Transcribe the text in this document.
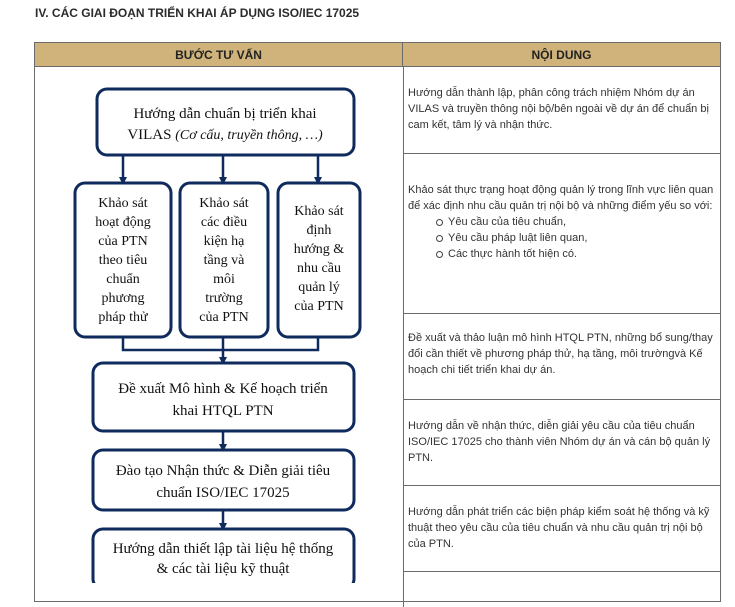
IV. CÁC GIAI ĐOẠN TRIỂN KHAI ÁP DỤNG ISO/IEC 17025
BƯỚC TƯ VẤN	NỘI DUNG
Hướng dẫn thành lập, phân công trách nhiệm Nhóm dự án VILAS và truyền thông nội bộ/bên ngoài về dự án để chuẩn bị cam kết, tâm lý và nhận thức.
Khảo sát thực trạng hoạt động quản lý trong lĩnh vực liên quan để xác định nhu cầu quản trị nội bộ và những điểm yếu so với:
Yêu cầu của tiêu chuẩn,
Yêu cầu pháp luật liên quan,
Các thực hành tốt hiện có.
Đề xuất và thảo luận mô hình HTQL PTN, những bổ sung/thay đổi cần thiết về phương pháp thử, hạ tầng, môi trườngvà Kế hoạch chi tiết triển khai dự án.
Hướng dẫn về nhận thức, diễn giải yêu cầu của tiêu chuẩn ISO/IEC 17025 cho thành viên Nhóm dự án và cán bộ quản lý PTN.
Hướng dẫn phát triển các biện pháp kiểm soát hệ thống và kỹ thuật theo yêu cầu của tiêu chuẩn và nhu cầu quản trị nội bộ của PTN.
Hướng dẫn chuẩn bị triển khai
VILAS (Cơ cấu, truyền thông, …)
Khảo sát
hoạt động
của PTN
theo tiêu
chuẩn
phương
pháp thử
Khảo sát
các điều
kiện hạ
tầng và
môi
trường
của PTN
Khảo sát
định
hướng &
nhu cầu
quản lý
của PTN
Đề xuất Mô hình & Kế hoạch triển
khai HTQL PTN
Đào tạo Nhận thức & Diễn giải tiêu
chuẩn ISO/IEC 17025
Hướng dẫn thiết lập tài liệu hệ thống
& các tài liệu kỹ thuật
